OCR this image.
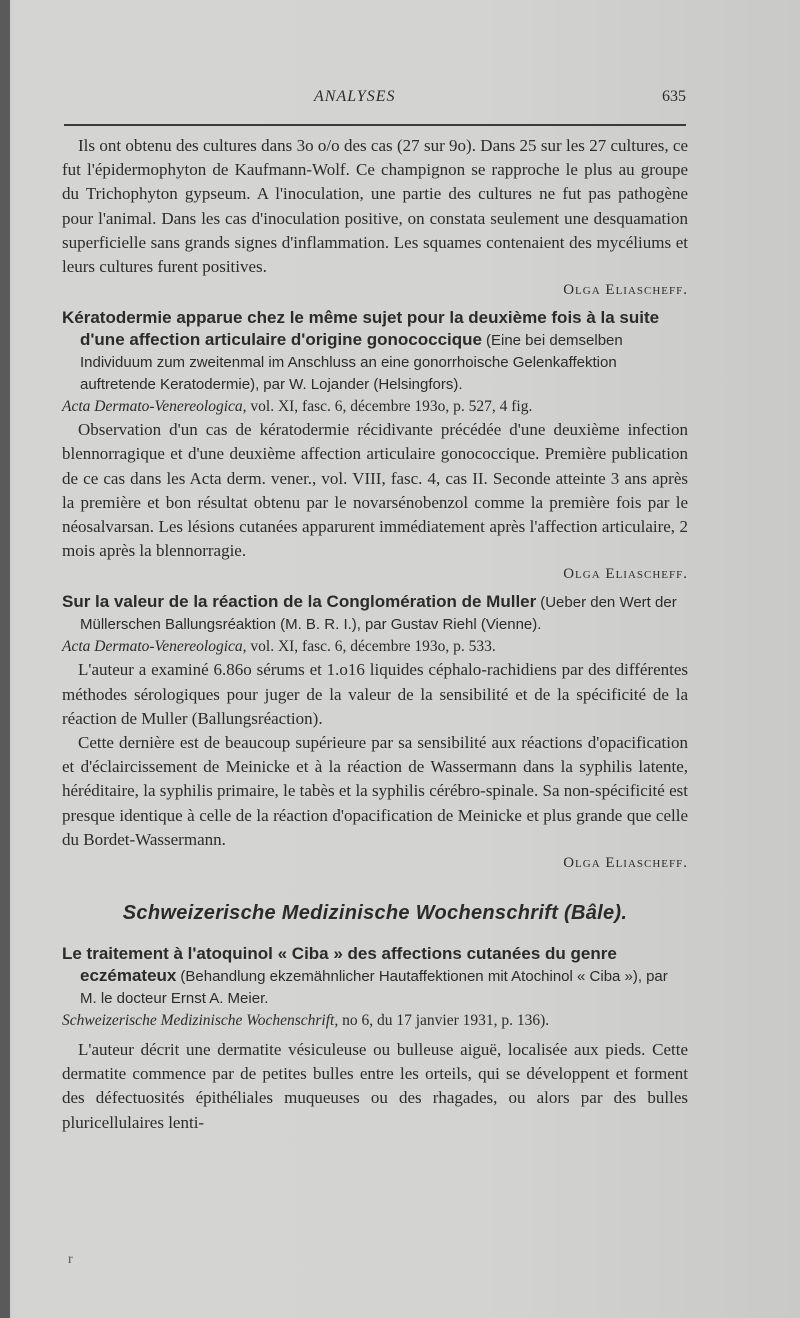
ANALYSES	635

Ils ont obtenu des cultures dans 3o o/o des cas (27 sur 9o). Dans 25 sur les 27 cultures, ce fut l'épidermophyton de Kaufmann-Wolf. Ce champignon se rapproche le plus au groupe du Trichophyton gypseum. A l'inoculation, une partie des cultures ne fut pas pathogène pour l'animal. Dans les cas d'inoculation positive, on constata seulement une desquamation superficielle sans grands signes d'inflammation. Les squames contenaient des mycéliums et leurs cultures furent positives.

Olga Eliascheff.
Kératodermie apparue chez le même sujet pour la deuxième fois à la suite d'une affection articulaire d'origine gonococcique (Eine bei demselben Individuum zum zweitenmal im Anschluss an eine gonorrhoische Gelenkaffektion auftretende Keratodermie), par W. Lojander (Helsingfors).
Acta Dermato-Venereologica, vol. XI, fasc. 6, décembre 193o, p. 527, 4 fig.

Observation d'un cas de kératodermie récidivante précédée d'une deuxième infection blennorragique et d'une deuxième affection articulaire gonococcique. Première publication de ce cas dans les Acta derm. vener., vol. VIII, fasc. 4, cas II. Seconde atteinte 3 ans après la première et bon résultat obtenu par le novarsénobenzol comme la première fois par le néosalvarsan. Les lésions cutanées apparurent immédiatement après l'affection articulaire, 2 mois après la blennorragie.

Olga Eliascheff.
Sur la valeur de la réaction de la Conglomération de Muller (Ueber den Wert der Müllerschen Ballungsréaktion (M. B. R. I.), par Gustav Riehl (Vienne).
Acta Dermato-Venereologica, vol. XI, fasc. 6, décembre 193o, p. 533.

L'auteur a examiné 6.86o sérums et 1.o16 liquides céphalo-rachidiens par des différentes méthodes sérologiques pour juger de la valeur de la sensibilité et de la spécificité de la réaction de Muller (Ballungsréaction).

Cette dernière est de beaucoup supérieure par sa sensibilité aux réactions d'opacification et d'éclaircissement de Meinicke et à la réaction de Wassermann dans la syphilis latente, héréditaire, la syphilis primaire, le tabès et la syphilis cérébro-spinale. Sa non-spécificité est presque identique à celle de la réaction d'opacification de Meinicke et plus grande que celle du Bordet-Wassermann.

Olga Eliascheff.
Schweizerische Medizinische Wochenschrift (Bâle).
Le traitement à l'atoquinol « Ciba » des affections cutanées du genre eczémateux (Behandlung ekzemähnlicher Hautaffektionen mit Atochinol « Ciba »), par M. le docteur Ernst A. Meier.
Schweizerische Medizinische Wochenschrift, no 6, du 17 janvier 1931, p. 136).

L'auteur décrit une dermatite vésiculeuse ou bulleuse aiguë, localisée aux pieds. Cette dermatite commence par de petites bulles entre les orteils, qui se développent et forment des défectuosités épithéliales muqueuses ou des rhagades, ou alors par des bulles pluricellulaires lenti-

r
